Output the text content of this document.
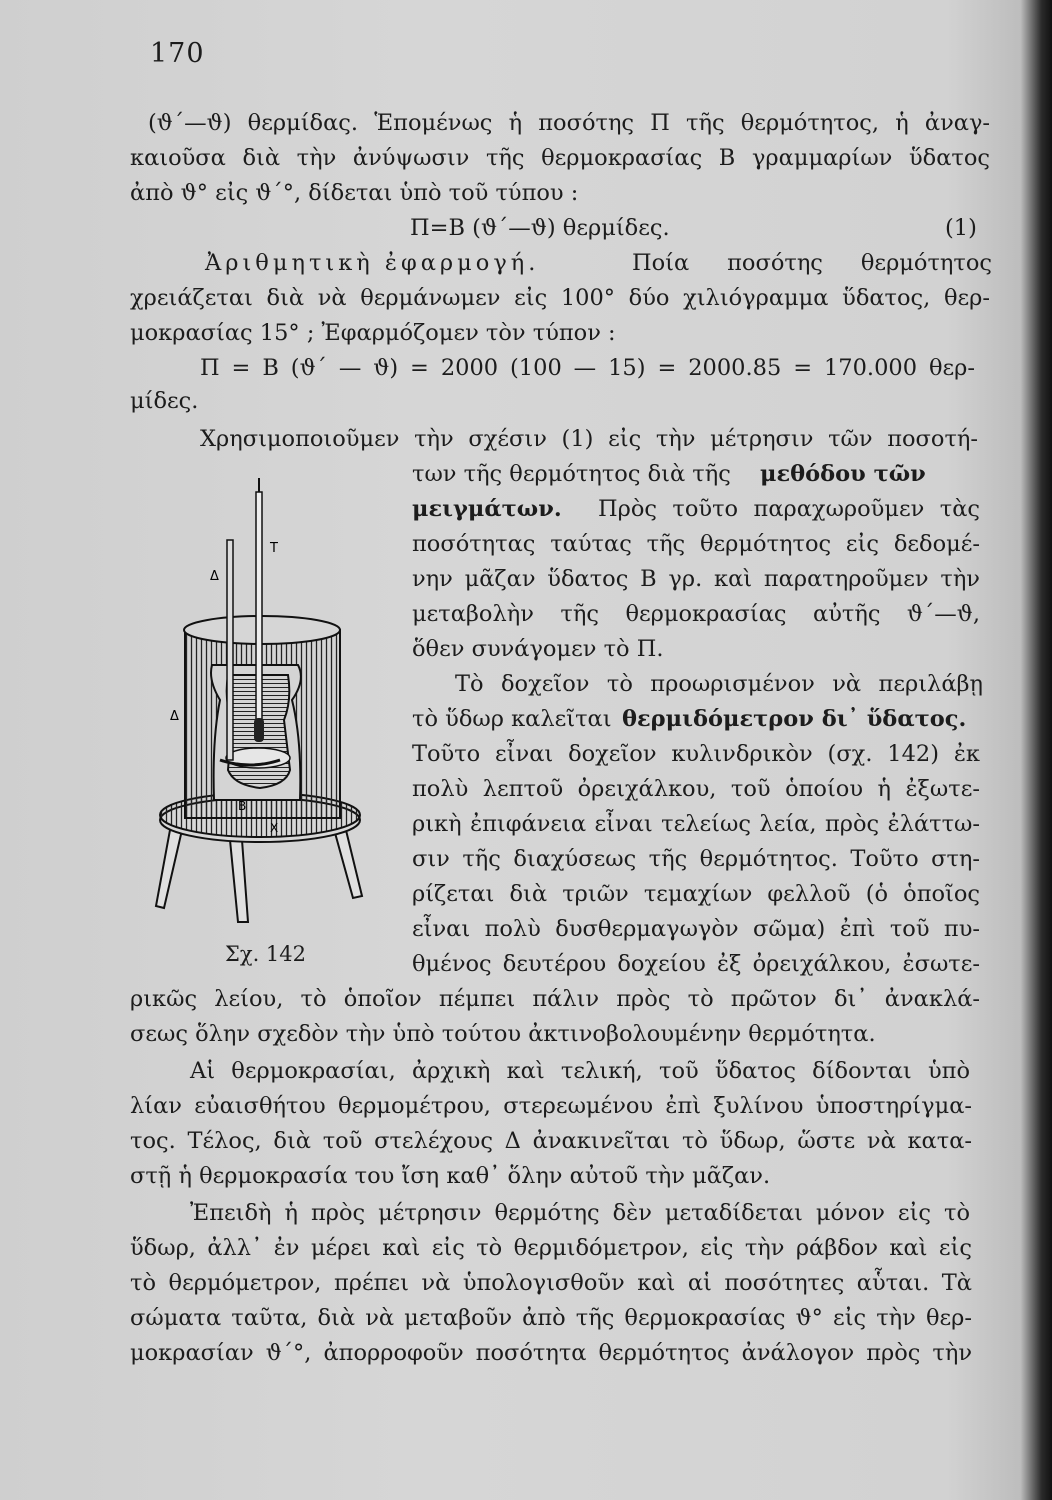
170
(ϑ΄—ϑ) θερμίδας. Ἑπομένως ἡ ποσότης Π τῆς θερμότητος, ἡ ἀναγ-
καιοῦσα διὰ τὴν ἀνύψωσιν τῆς θερμοκρασίας Β γραμμαρίων ὕδατος
ἀπὸ ϑ° εἰς ϑ΄°, δίδεται ὑπὸ τοῦ τύπου :
Π=Β (ϑ΄—ϑ) θερμίδες.	(1)
Ἀριθμητικὴ ἐφαρμογή.	Ποία ποσότης θερμότητος
χρειάζεται διὰ νὰ θερμάνωμεν εἰς 100° δύο χιλιόγραμμα ὕδατος, θερ-
μοκρασίας 15° ; Ἐφαρμόζομεν τὸν τύπον :
Π = Β (ϑ΄ — ϑ) = 2000 (100 — 15) = 2000.85 = 170.000 θερ-
μίδες.
Χρησιμοποιοῦμεν τὴν σχέσιν (1) εἰς τὴν μέτρησιν τῶν ποσοτή-
των τῆς θερμότητος διὰ τῆς μεθόδου τῶν
μειγμάτων. Πρὸς τοῦτο παραχωροῦμεν τὰς
ποσότητας ταύτας τῆς θερμότητος εἰς δεδομέ-
νην μᾶζαν ὕδατος Β γρ. καὶ παρατηροῦμεν τὴν
μεταβολὴν τῆς θερμοκρασίας αὐτῆς ϑ΄—ϑ,
ὅθεν συνάγομεν τὸ Π.
Τὸ δοχεῖον τὸ προωρισμένον νὰ περιλάβῃ
τὸ ὕδωρ καλεῖται θερμιδόμετρον δι᾽ ὕδατος.
Τοῦτο εἶναι δοχεῖον κυλινδρικὸν (σχ. 142) ἐκ
πολὺ λεπτοῦ ὀρειχάλκου, τοῦ ὁποίου ἡ ἐξωτε-
ρικὴ ἐπιφάνεια εἶναι τελείως λεία, πρὸς ἐλάττω-
σιν τῆς διαχύσεως τῆς θερμότητος. Τοῦτο στη-
ρίζεται διὰ τριῶν τεμαχίων φελλοῦ (ὁ ὁποῖος
εἶναι πολὺ δυσθερμαγωγὸν σῶμα) ἐπὶ τοῦ πυ-
θμένος δευτέρου δοχείου ἐξ ὀρειχάλκου, ἐσωτε-
ρικῶς λείου, τὸ ὁποῖον πέμπει πάλιν πρὸς τὸ πρῶτον δι᾽ ἀνακλά-
σεως ὅλην σχεδὸν τὴν ὑπὸ τούτου ἀκτινοβολουμένην θερμότητα.
Αἱ θερμοκρασίαι, ἀρχικὴ καὶ τελική, τοῦ ὕδατος δίδονται ὑπὸ
λίαν εὐαισθήτου θερμομέτρου, στερεωμένου ἐπὶ ξυλίνου ὑποστηρίγμα-
τος. Τέλος, διὰ τοῦ στελέχους Δ ἀνακινεῖται τὸ ὕδωρ, ὥστε νὰ κατα-
στῇ ἡ θερμοκρασία του ἴση καθ᾽ ὅλην αὐτοῦ τὴν μᾶζαν.
Ἐπειδὴ ἡ πρὸς μέτρησιν θερμότης δὲν μεταδίδεται μόνον εἰς τὸ
ὕδωρ, ἀλλ᾽ ἐν μέρει καὶ εἰς τὸ θερμιδόμετρον, εἰς τὴν ράβδον καὶ εἰς
τὸ θερμόμετρον, πρέπει νὰ ὑπολογισθοῦν καὶ αἱ ποσότητες αὗται. Τὰ
σώματα ταῦτα, διὰ νὰ μεταβοῦν ἀπὸ τῆς θερμοκρασίας ϑ° εἰς τὴν θερ-
μοκρασίαν ϑ΄°, ἀπορροφοῦν ποσότητα θερμότητος ἀνάλογον πρὸς τὴν
Τ
Δ
Δ
Β
Χ
Σχ. 142
